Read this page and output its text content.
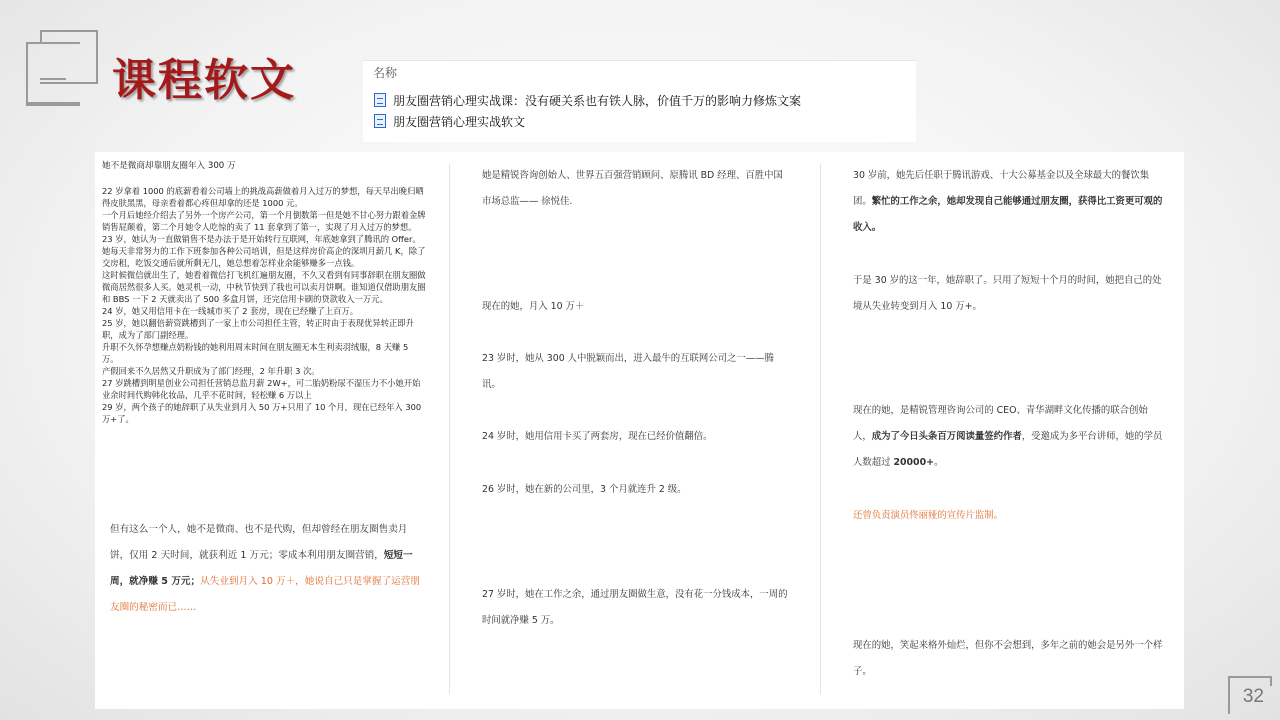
课程软文	名称
朋友圈营销心理实战课：没有硬关系也有铁人脉，价值千万的影响力修炼文案
朋友圈营销心理实战软文

她不是微商却靠朋友圈年入 300 万

22 岁拿着 1000 的底薪看着公司墙上的挑战高薪做着月入过万的梦想，每天早出晚归晒得皮肤黑黑，母亲看着都心疼但却拿的还是 1000 元。

一个月后她经介绍去了另外一个房产公司，第一个月倒数第一但是她不甘心努力跟着金牌销售屁颠着，第二个月她令人吃惊的卖了 11 套拿到了第一，实现了月入过万的梦想。

23 岁，她认为一直做销售不是办法于是开始转行互联网，年底她拿到了腾讯的 Offer。她每天非常努力的工作下班参加各种公司培训，但是这样房价高企的深圳月薪几 K，除了交房租，吃饭交通后就所剩无几，她总想着怎样业余能够赚多一点钱。

这时候微信就出生了，她看着微信打飞机红遍朋友圈，不久又看到有同事辞职在朋友圈做微商居然很多人买。她灵机一动，中秋节快到了我也可以卖月饼啊。谁知道仅借助朋友圈和 BBS 一下 2 天就卖出了 500 多盒月饼，还完信用卡刷的贷款收入一万元。

24 岁，她又用信用卡在一线城市买了 2 套房，现在已经赚了上百万。

25 岁，她以翻倍薪资跳槽到了一家上市公司担任主管，转正时由于表现优异转正即升职，成为了部门副经理。

升职不久怀孕想赚点奶粉钱的她利用周末时间在朋友圈无本生利卖羽绒服，8 天赚 5 万。

产假回来不久居然又升职成为了部门经理，2 年升职 3 次。

27 岁跳槽到明星创业公司担任营销总监月薪 2W+，可二胎奶粉尿不湿压力不小她开始业余时间代购韩化妆品，几乎不花时间，轻松赚 6 万以上

29 岁，两个孩子的她辞职了从失业到月入 50 万+只用了 10 个月，现在已经年入 300 万+了。

但有这么一个人，她不是微商、也不是代购，但却曾经在朋友圈售卖月饼，仅用 2 天时间，就获利近 1 万元；零成本利用朋友圈营销，短短一周，就净赚 5 万元；从失业到月入 10 万＋，她说自己只是掌握了运营朋友圈的秘密而已……

她是精锐咨询创始人、世界五百强营销顾问、原腾讯 BD 经理、百胜中国市场总监—— 徐悦佳.

现在的她，月入 10 万＋

23 岁时，她从 300 人中脱颖而出，进入最牛的互联网公司之一——腾讯。

24 岁时，她用信用卡买了两套房，现在已经价值翻倍。

26 岁时，她在新的公司里，3 个月就连升 2 级。

27 岁时，她在工作之余，通过朋友圈做生意，没有花一分钱成本，一周的时间就净赚 5 万。

30 岁前，她先后任职于腾讯游戏、十大公募基金以及全球最大的餐饮集团。繁忙的工作之余，她却发现自己能够通过朋友圈，获得比工资更可观的收入。

于是 30 岁的这一年，她辞职了。只用了短短十个月的时间，她把自己的处境从失业转变到月入 10 万+。

现在的她，是精锐管理咨询公司的 CEO、青华湖畔文化传播的联合创始人，成为了今日头条百万阅读量签约作者，受邀成为多平台讲师，她的学员人数超过 20000+。

还曾负责演员佟丽娅的宣传片监制。

现在的她，笑起来格外灿烂，但你不会想到，多年之前的她会是另外一个样子。

32
